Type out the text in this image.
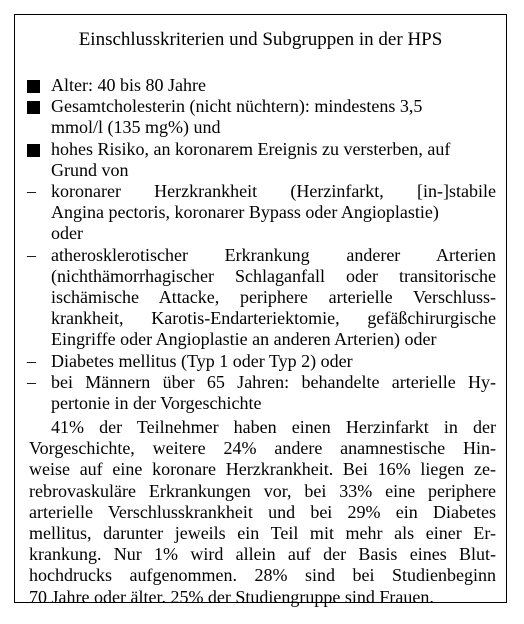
Einschlusskriterien und Subgruppen in der HPS
Alter: 40 bis 80 Jahre
Gesamtcholesterin (nicht nüchtern): mindestens 3,5
mmol/l (135 mg%) und
hohes Risiko, an koronarem Ereignis zu versterben, auf
Grund von
– koronarer Herzkrankheit (Herzinfarkt, [in-]stabile
Angina pectoris, koronarer Bypass oder Angioplastie)
oder
– atherosklerotischer Erkrankung anderer Arterien
(nichthämorrhagischer Schlaganfall oder transitorische
ischämische Attacke, periphere arterielle Verschluss-
krankheit, Karotis-Endarteriektomie, gefäßchirurgische
Eingriffe oder Angioplastie an anderen Arterien) oder
– Diabetes mellitus (Typ 1 oder Typ 2) oder
– bei Männern über 65 Jahren: behandelte arterielle Hy-
pertonie in der Vorgeschichte
41% der Teilnehmer haben einen Herzinfarkt in der
Vorgeschichte, weitere 24% andere anamnestische Hin-
weise auf eine koronare Herzkrankheit. Bei 16% liegen ze-
rebrovaskuläre Erkrankungen vor, bei 33% eine periphere
arterielle Verschlusskrankheit und bei 29% ein Diabetes
mellitus, darunter jeweils ein Teil mit mehr als einer Er-
krankung. Nur 1% wird allein auf der Basis eines Blut-
hochdrucks aufgenommen. 28% sind bei Studienbeginn
70 Jahre oder älter. 25% der Studiengruppe sind Frauen.
